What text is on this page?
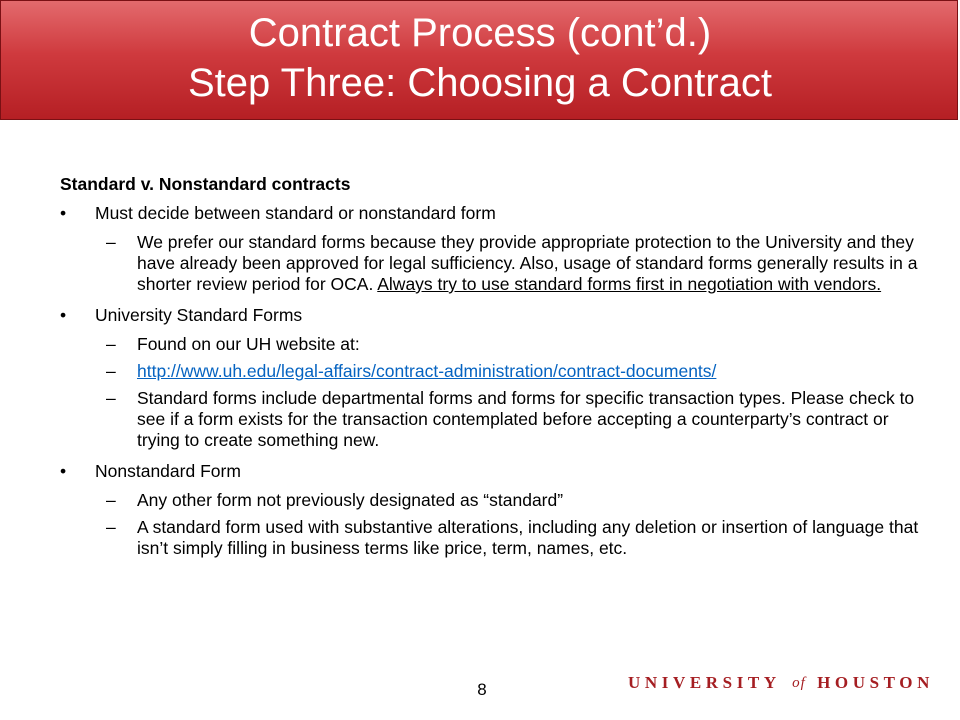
Contract Process (cont’d.)
Step Three: Choosing a Contract
Standard v. Nonstandard contracts
• Must decide between standard or nonstandard form
– We prefer our standard forms because they provide appropriate protection to the University and they have already been approved for legal sufficiency. Also, usage of standard forms generally results in a shorter review period for OCA. Always try to use standard forms first in negotiation with vendors.
• University Standard Forms
– Found on our UH website at:
– http://www.uh.edu/legal-affairs/contract-administration/contract-documents/
– Standard forms include departmental forms and forms for specific transaction types. Please check to see if a form exists for the transaction contemplated before accepting a counterparty’s contract or trying to create something new.
• Nonstandard Form
– Any other form not previously designated as “standard”
– A standard form used with substantive alterations, including any deletion or insertion of language that isn’t simply filling in business terms like price, term, names, etc.
8	UNIVERSITY of HOUSTON
